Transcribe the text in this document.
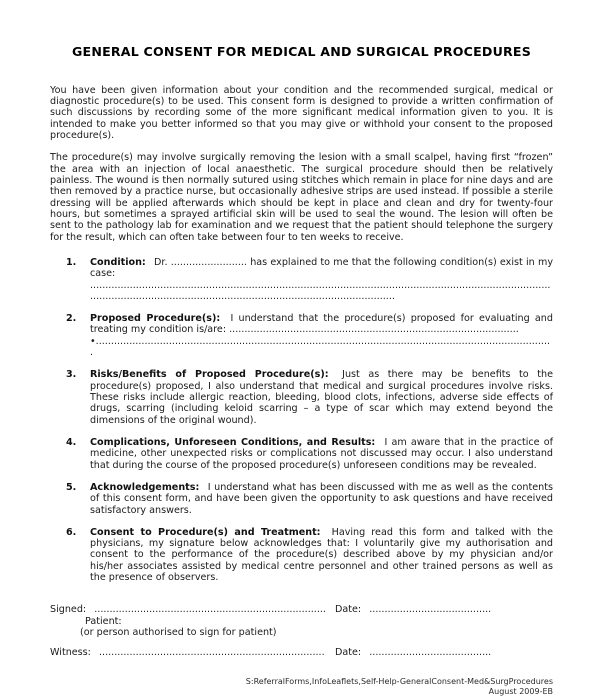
GENERAL CONSENT FOR MEDICAL AND SURGICAL PROCEDURES

You have been given information about your condition and the recommended surgical, medical or diagnostic procedure(s) to be used. This consent form is designed to provide a written confirmation of such discussions by recording some of the more significant medical information given to you. It is intended to make you better informed so that you may give or withhold your consent to the proposed procedure(s).

The procedure(s) may involve surgically removing the lesion with a small scalpel, having first “frozen” the area with an injection of local anaesthetic. The surgical procedure should then be relatively painless. The wound is then normally sutured using stitches which remain in place for nine days and are then removed by a practice nurse, but occasionally adhesive strips are used instead. If possible a sterile dressing will be applied afterwards which should be kept in place and clean and dry for twenty-four hours, but sometimes a sprayed artificial skin will be used to seal the wound. The lesion will often be sent to the pathology lab for examination and we request that the patient should telephone the surgery for the result, which can often take between four to ten weeks to receive.

1.	Condition: Dr. ......................... has explained to me that the following condition(s) exist in my case: ...........................................................................................................................................................................................................................................................
2.	Proposed Procedure(s): I understand that the procedure(s) proposed for evaluating and treating my condition is/are: ...............................................................................................
•......................................................................................................................................................
3.	Risks/Benefits of Proposed Procedure(s): Just as there may be benefits to the procedure(s) proposed, I also understand that medical and surgical procedures involve risks. These risks include allergic reaction, bleeding, blood clots, infections, adverse side effects of drugs, scarring (including keloid scarring – a type of scar which may extend beyond the dimensions of the original wound).
4.	Complications, Unforeseen Conditions, and Results: I am aware that in the practice of medicine, other unexpected risks or complications not discussed may occur. I also understand that during the course of the proposed procedure(s) unforeseen conditions may be revealed.
5.	Acknowledgements: I understand what has been discussed with me as well as the contents of this consent form, and have been given the opportunity to ask questions and have received satisfactory answers.
6.	Consent to Procedure(s) and Treatment: Having read this form and talked with the physicians, my signature below acknowledges that: I voluntarily give my authorisation and consent to the performance of the procedure(s) described above by my physician and/or his/her associates assisted by medical centre personnel and other trained persons as well as the presence of observers.
Signed: ............................................................................ Date: ........................................
Patient:
(or person authorised to sign for patient)
Witness: ..........................................................................	Date: ........................................
S:ReferralForms,InfoLeaflets,Self-Help-GeneralConsent-Med&SurgProcedures
August 2009-EB
